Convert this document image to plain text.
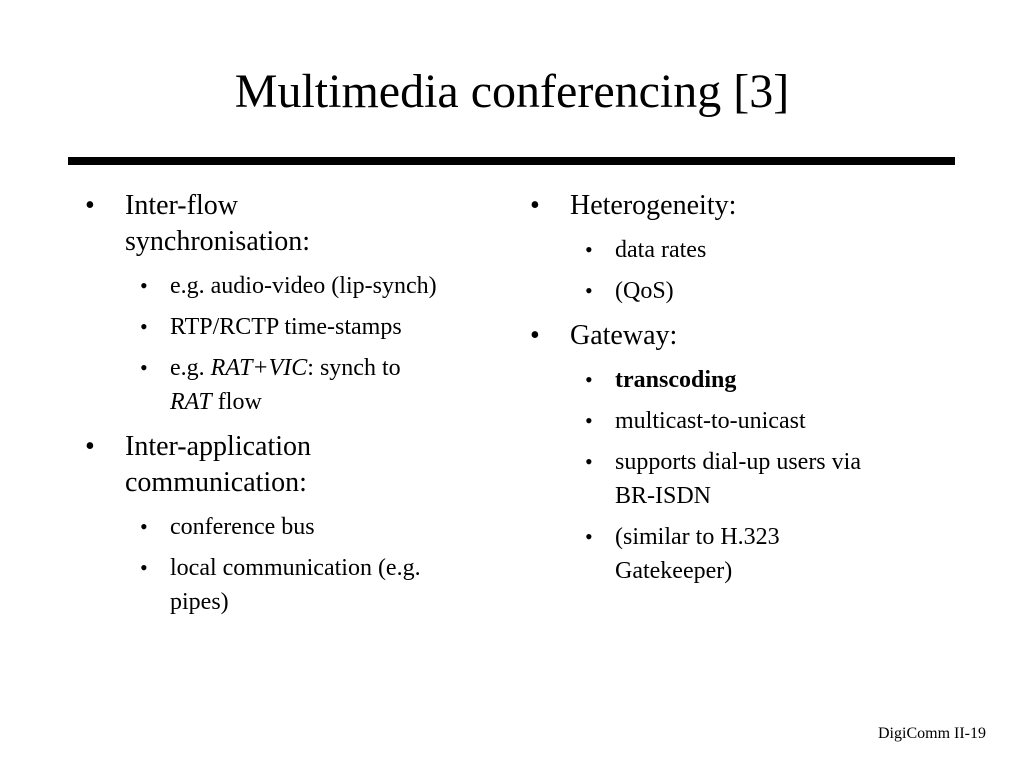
Multimedia conferencing [3]
• Inter-flow
synchronisation:
• e.g. audio-video (lip-synch)
• RTP/RCTP time-stamps
• e.g. RAT+VIC: synch to
RAT flow
• Inter-application
communication:
• conference bus
• local communication (e.g.
pipes)
• Heterogeneity:
• data rates
• (QoS)
• Gateway:
• transcoding
• multicast-to-unicast
• supports dial-up users via
BR-ISDN
• (similar to H.323
Gatekeeper)
DigiComm II-19
